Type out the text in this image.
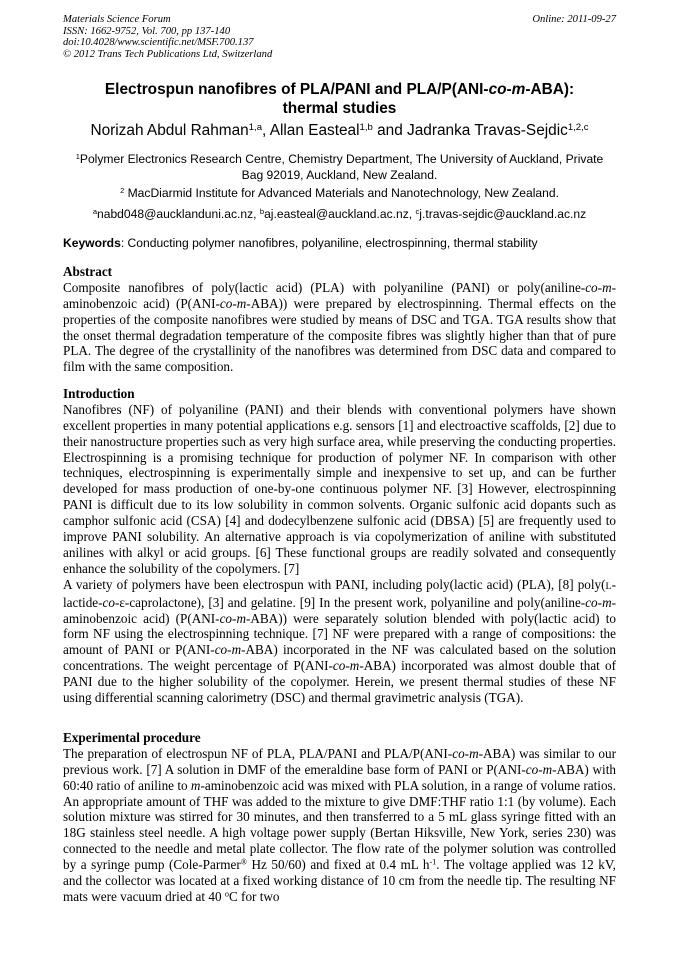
Materials Science Forum
ISSN: 1662-9752, Vol. 700, pp 137-140
doi:10.4028/www.scientific.net/MSF.700.137
© 2012 Trans Tech Publications Ltd, Switzerland
Online: 2011-09-27
Electrospun nanofibres of PLA/PANI and PLA/P(ANI-co-m-ABA):
thermal studies
Norizah Abdul Rahman$^{1,a}$, Allan Easteal$^{1,b}$ and Jadranka Travas-Sejdic$^{1,2,c}$
$^1$Polymer Electronics Research Centre, Chemistry Department, The University of Auckland, Private
Bag 92019, Auckland, New Zealand.
$^2$ MacDiarmid Institute for Advanced Materials and Nanotechnology, New Zealand.
$^a$nabd048@aucklanduni.ac.nz, $^b$aj.easteal@auckland.ac.nz, $^c$j.travas-sejdic@auckland.ac.nz
Keywords: Conducting polymer nanofibres, polyaniline, electrospinning, thermal stability
Abstract

Composite nanofibres of poly(lactic acid) (PLA) with polyaniline (PANI) or poly(aniline-co-m-aminobenzoic acid) (P(ANI-co-m-ABA)) were prepared by electrospinning. Thermal effects on the properties of the composite nanofibres were studied by means of DSC and TGA. TGA results show that the onset thermal degradation temperature of the composite fibres was slightly higher than that of pure PLA. The degree of the crystallinity of the nanofibres was determined from DSC data and compared to film with the same composition.

Introduction

Nanofibres (NF) of polyaniline (PANI) and their blends with conventional polymers have shown excellent properties in many potential applications e.g. sensors [1] and electroactive scaffolds, [2] due to their nanostructure properties such as very high surface area, while preserving the conducting properties. Electrospinning is a promising technique for production of polymer NF. In comparison with other techniques, electrospinning is experimentally simple and inexpensive to set up, and can be further developed for mass production of one-by-one continuous polymer NF. [3] However, electrospinning PANI is difficult due to its low solubility in common solvents. Organic sulfonic acid dopants such as camphor sulfonic acid (CSA) [4] and dodecylbenzene sulfonic acid (DBSA) [5] are frequently used to improve PANI solubility. An alternative approach is via copolymerization of aniline with substituted anilines with alkyl or acid groups. [6] These functional groups are readily solvated and consequently enhance the solubility of the copolymers. [7]

A variety of polymers have been electrospun with PANI, including poly(lactic acid) (PLA), [8] poly(L-lactide-co-ε-caprolactone), [3] and gelatine. [9] In the present work, polyaniline and poly(aniline-co-m-aminobenzoic acid) (P(ANI-co-m-ABA)) were separately solution blended with poly(lactic acid) to form NF using the electrospinning technique. [7] NF were prepared with a range of compositions: the amount of PANI or P(ANI-co-m-ABA) incorporated in the NF was calculated based on the solution concentrations. The weight percentage of P(ANI-co-m-ABA) incorporated was almost double that of PANI due to the higher solubility of the copolymer. Herein, we present thermal studies of these NF using differential scanning calorimetry (DSC) and thermal gravimetric analysis (TGA).

Experimental procedure

The preparation of electrospun NF of PLA, PLA/PANI and PLA/P(ANI-co-m-ABA) was similar to our previous work. [7] A solution in DMF of the emeraldine base form of PANI or P(ANI-co-m-ABA) with 60:40 ratio of aniline to m-aminobenzoic acid was mixed with PLA solution, in a range of volume ratios. An appropriate amount of THF was added to the mixture to give DMF:THF ratio 1:1 (by volume). Each solution mixture was stirred for 30 minutes, and then transferred to a 5 mL glass syringe fitted with an 18G stainless steel needle. A high voltage power supply (Bertan Hiksville, New York, series 230) was connected to the needle and metal plate collector. The flow rate of the polymer solution was controlled by a syringe pump (Cole-Parmer® Hz 50/60) and fixed at 0.4 mL $h^{-1}$. The voltage applied was 12 kV, and the collector was located at a fixed working distance of 10 cm from the needle tip. The resulting NF mats were vacuum dried at 40 $^o$C for two
